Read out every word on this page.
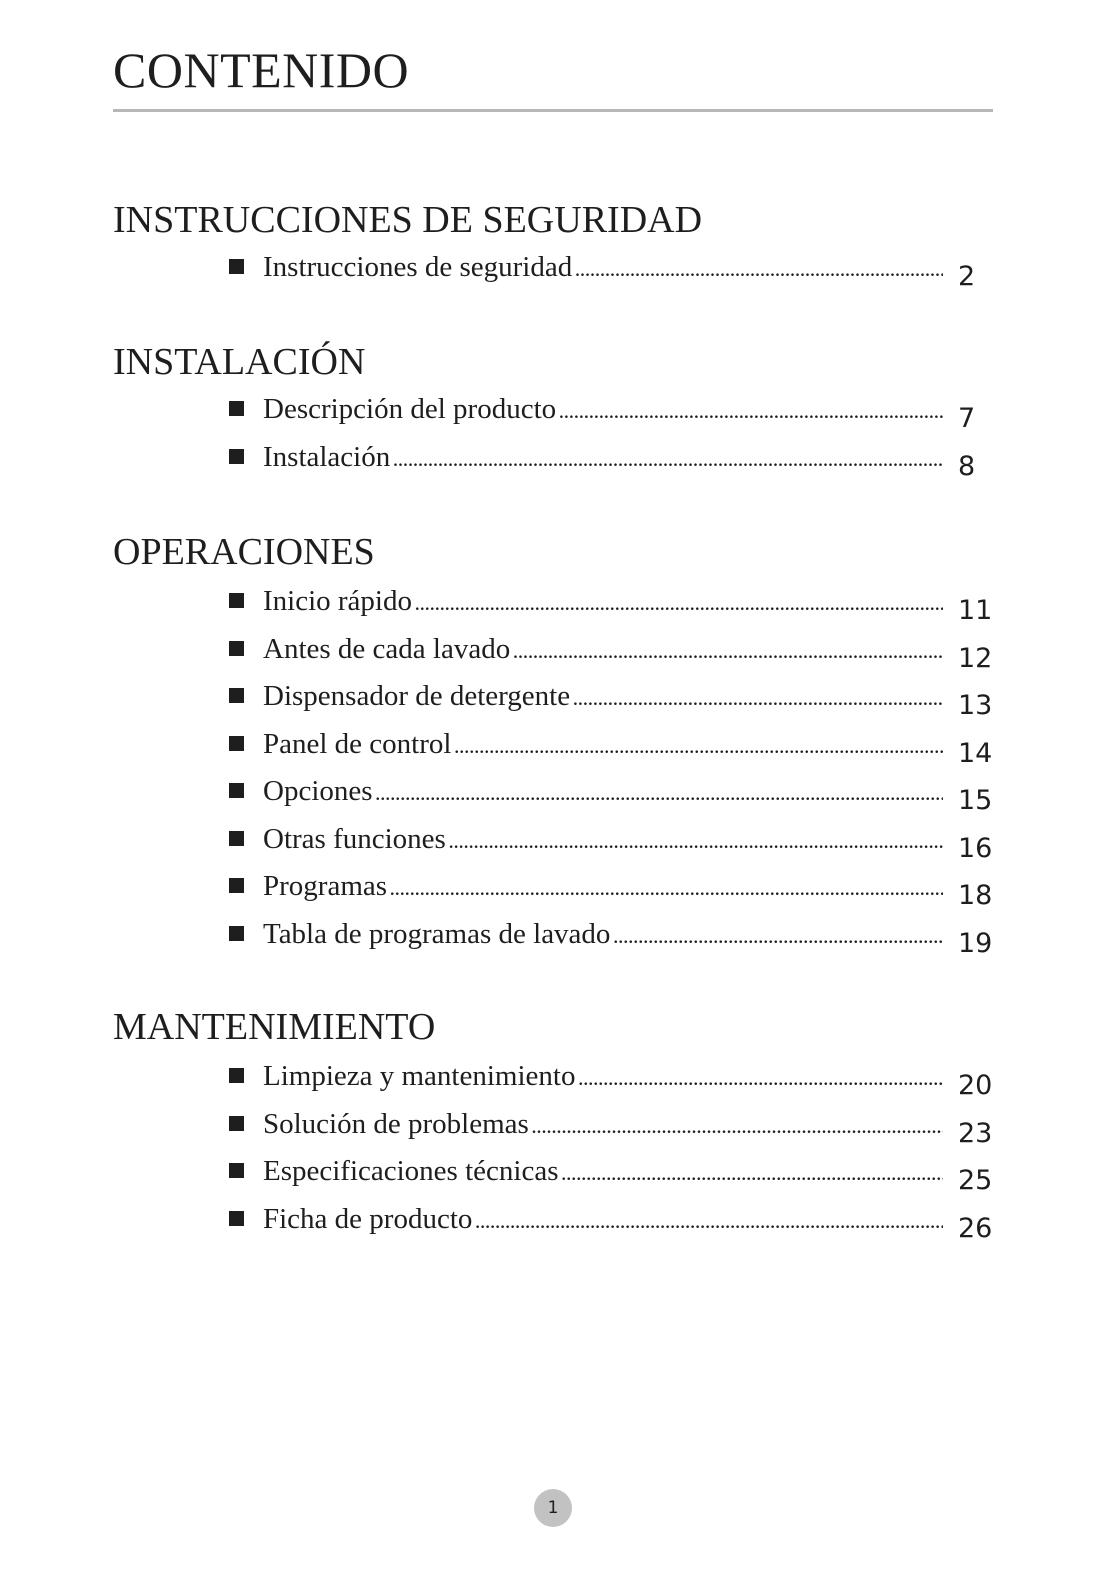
CONTENIDO
INSTRUCCIONES DE SEGURIDAD
Instrucciones de seguridad . . .	2
INSTALACIÓN
Descripción del producto . . .	7
Instalación . . .	8
OPERACIONES
Inicio rápido . . .	11
Antes de cada lavado . . .	12
Dispensador de detergente . . .	13
Panel de control . . .	14
Opciones . . .	15
Otras funciones . . .	16
Programas . . .	18
Tabla de programas de lavado . . .	19
MANTENIMIENTO
Limpieza y mantenimiento . . .	20
Solución de problemas . . .	23
Especificaciones técnicas . . .	25
Ficha de producto . . .	26
1
